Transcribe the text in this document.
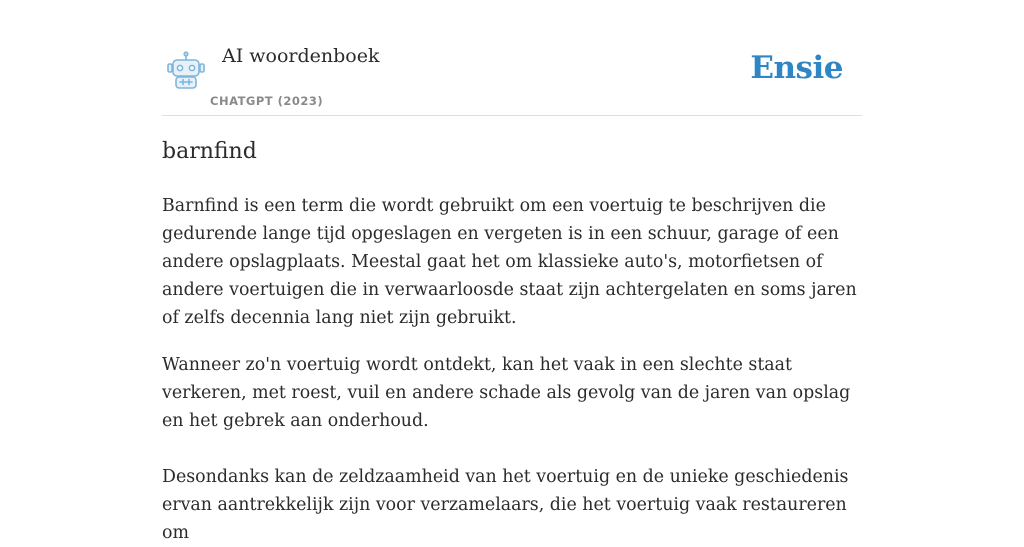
AI woordenboek
CHATGPT (2023)
Ensie
barnfind

Barnfind is een term die wordt gebruikt om een voertuig te beschrijven die gedurende lange tijd opgeslagen en vergeten is in een schuur, garage of een andere opslagplaats. Meestal gaat het om klassieke auto's, motorfietsen of andere voertuigen die in verwaarloosde staat zijn achtergelaten en soms jaren of zelfs decennia lang niet zijn gebruikt.

Wanneer zo'n voertuig wordt ontdekt, kan het vaak in een slechte staat verkeren, met roest, vuil en andere schade als gevolg van de jaren van opslag en het gebrek aan onderhoud.

Desondanks kan de zeldzaamheid van het voertuig en de unieke geschiedenis ervan aantrekkelijk zijn voor verzamelaars, die het voertuig vaak restaureren om
